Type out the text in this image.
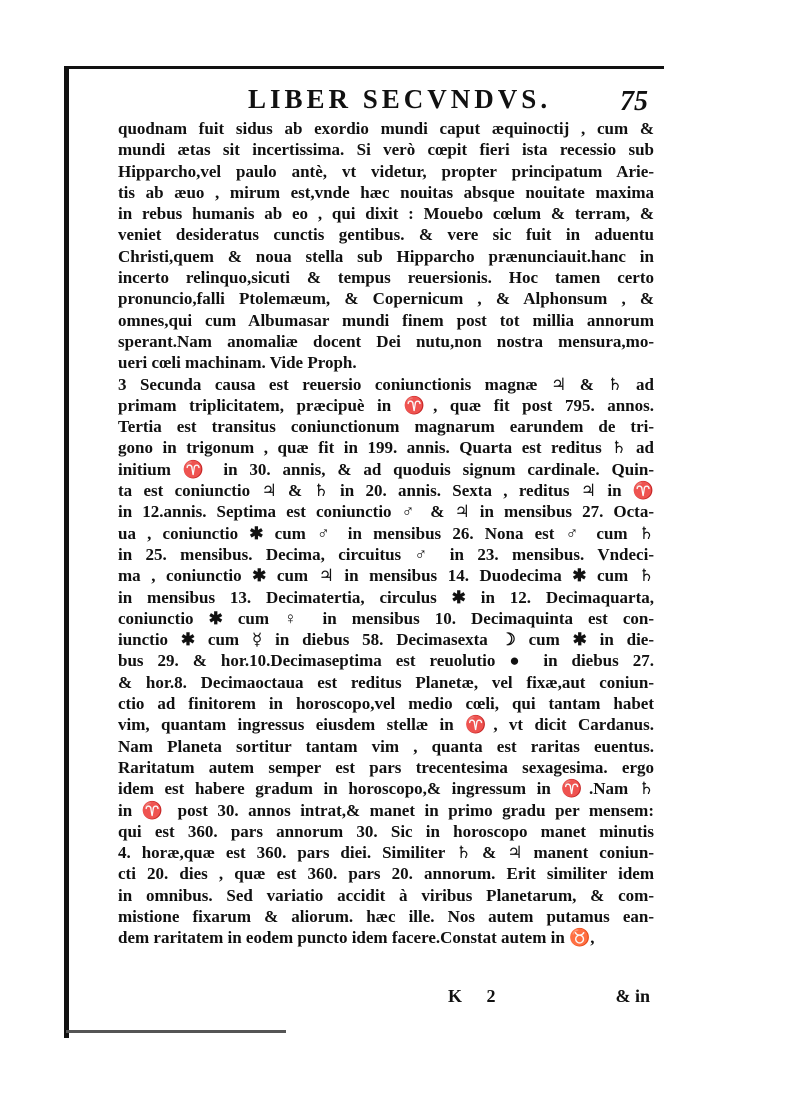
LIBER SECVNDVS. 75
quodnam fuit sidus ab exordio mundi caput æquinoctij , cum &
mundi ætas sit incertissima. Si verò cœpit fieri ista recessio sub
Hipparcho,vel paulo antè, vt videtur, propter principatum Arie-
tis ab æuo , mirum est,vnde hæc nouitas absque nouitate maxima
in rebus humanis ab eo , qui dixit : Mouebo cœlum & terram, &
veniet desideratus cunctis gentibus. & vere sic fuit in aduentu
Christi,quem & noua stella sub Hipparcho prænunciauit.hanc in
incerto relinquo,sicuti & tempus reuersionis. Hoc tamen certo
pronuncio,falli Ptolemæum, & Copernicum , & Alphonsum , &
omnes,qui cum Albumasar mundi finem post tot millia annorum
sperant.Nam anomaliæ docent Dei nutu,non nostra mensura,mo-
ueri cœli machinam. Vide Proph.
3 Secunda causa est reuersio coniunctionis magnæ ♃ & ♄ ad
primam triplicitatem, præcipuè in ♈, quæ fit post 795. annos.
Tertia est transitus coniunctionum magnarum earundem de tri-
gono in trigonum , quæ fit in 199. annis. Quarta est reditus ♄ ad
initium ♈ in 30. annis, & ad quoduis signum cardinale. Quin-
ta est coniunctio ♃ & ♄ in 20. annis. Sexta , reditus ♃ in ♈
in 12.annis. Septima est coniunctio ♂ & ♃ in mensibus 27. Octa-
ua , coniunctio ✱ cum ♂ in mensibus 26. Nona est ♂ cum ♄
in 25. mensibus. Decima, circuitus ♂ in 23. mensibus. Vndeci-
ma , coniunctio ✱ cum ♃ in mensibus 14. Duodecima ✱ cum ♄
in mensibus 13. Decimatertia, circulus ✱ in 12. Decimaquarta,
coniunctio ✱ cum ♀ in mensibus 10. Decimaquinta est con-
iunctio ✱ cum ☿ in diebus 58. Decimasexta ☽ cum ✱ in die-
bus 29. & hor.10.Decimaseptima est reuolutio ● in diebus 27.
& hor.8. Decimaoctaua est reditus Planetæ, vel fixæ,aut coniun-
ctio ad finitorem in horoscopo,vel medio cœli, qui tantam habet
vim, quantam ingressus eiusdem stellæ in ♈, vt dicit Cardanus.
Nam Planeta sortitur tantam vim , quanta est raritas euentus.
Raritatum autem semper est pars trecentesima sexagesima. ergo
idem est habere gradum in horoscopo,& ingressum in ♈.Nam ♄
in ♈ post 30. annos intrat,& manet in primo gradu per mensem:
qui est 360. pars annorum 30. Sic in horoscopo manet minutis
4. horæ,quæ est 360. pars diei. Similiter ♄ & ♃ manent coniun-
cti 20. dies , quæ est 360. pars 20. annorum. Erit similiter idem
in omnibus. Sed variatio accidit à viribus Planetarum, & com-
mistione fixarum & aliorum. hæc ille. Nos autem putamus ean-
dem raritatem in eodem puncto idem facere.Constat autem in ♉,
K 2	& in
